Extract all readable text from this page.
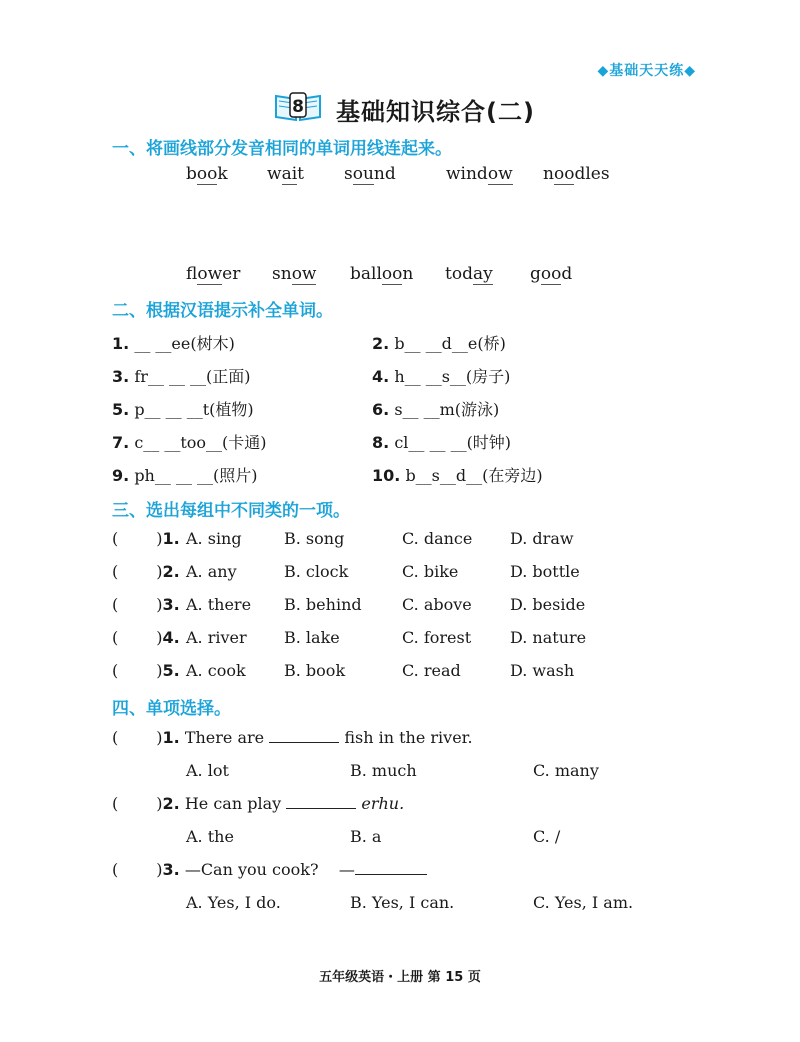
◆基础天天练◆
8 基础知识综合(二)
一、将画线部分发音相同的单词用线连起来。
book wait sound	window noodles
flower snow balloon today good
二、根据汉语提示补全单词。
1. __ __ee(树木)	2. b__ __d__e(桥)
3. fr__ __ __(正面)	4. h__ __s__(房子)
5. p__ __ __t(植物)	6. s__ __m(游泳)
7. c__ __too__(卡通)	8. cl__ __ __(时钟)
9. ph__ __ __(照片)	10. b__s__d__(在旁边)
三、选出每组中不同类的一项。
( )1. A. sing	B. song	C. dance D. draw
( )2. A. any	B. clock	C. bike	D. bottle
( )3. A. there B. behind	C. above D. beside
( )4. A. river B. lake	C. forest D. nature
( )5. A. cook B. book	C. read	D. wash
四、单项选择。
( )1. There are	fish in the river.
A. lot	B. much	C. many
( )2. He can play	erhu.
A. the	B. a	C. /
( )3. —Can you cook? —
A. Yes, I do.	B. Yes, I can.	C. Yes, I am.
五年级英语・上册 第 15 页
